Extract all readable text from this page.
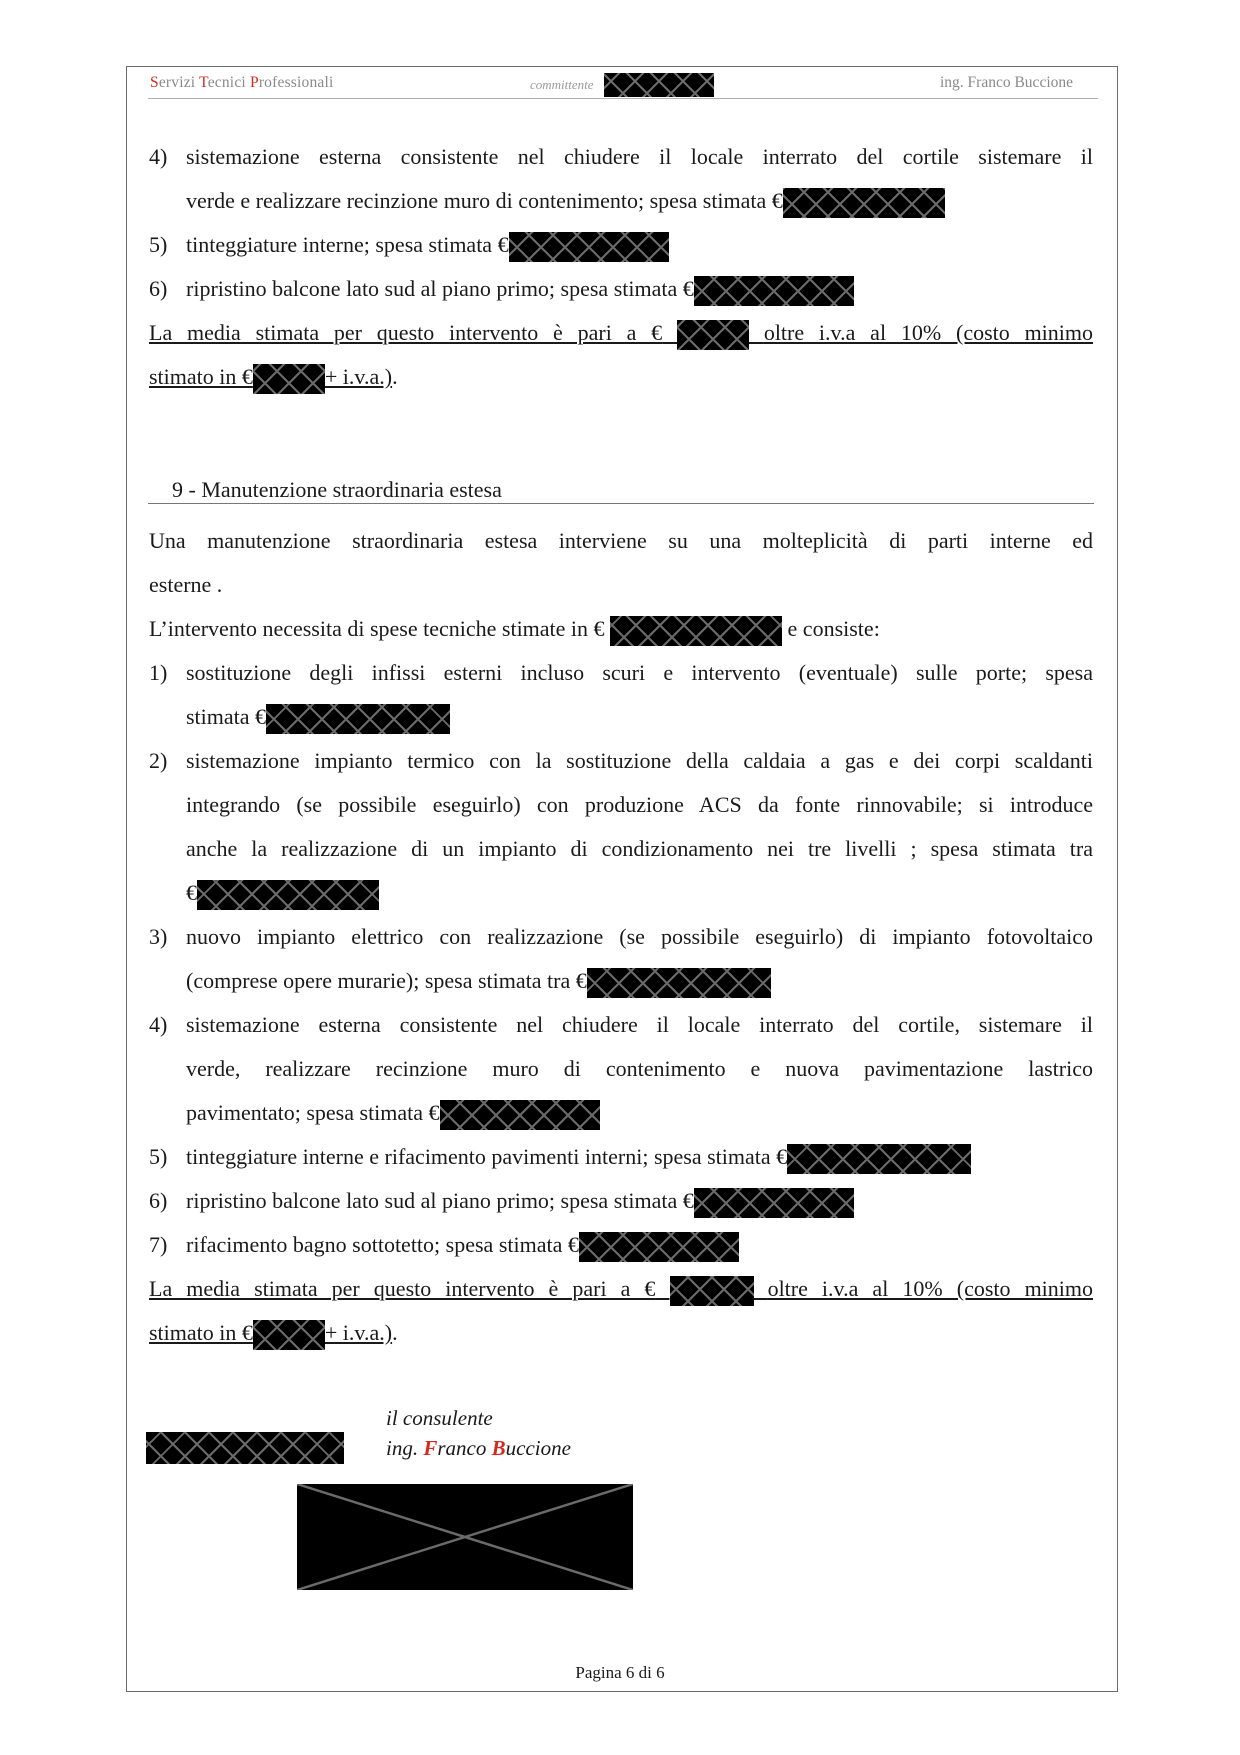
Servizi Tecnici Professionali	committente	ing. Franco Buccione
4) sistemazione esterna consistente nel chiudere il locale interrato del cortile sistemare il
verde e realizzare recinzione muro di contenimento; spesa stimata €
5) tinteggiature interne; spesa stimata €
6) ripristino balcone lato sud al piano primo; spesa stimata €
La media stimata per questo intervento è pari a €	oltre i.v.a al 10% (costo minimo
stimato in €	+ i.v.a.).
9 - Manutenzione straordinaria estesa
Una manutenzione straordinaria estesa interviene su una molteplicità di parti interne ed
esterne .
L’intervento necessita di spese tecniche stimate in €	e consiste:
1) sostituzione degli infissi esterni incluso scuri e intervento (eventuale) sulle porte; spesa
stimata €
2) sistemazione impianto termico con la sostituzione della caldaia a gas e dei corpi scaldanti
integrando (se possibile eseguirlo) con produzione ACS da fonte rinnovabile; si introduce
anche la realizzazione di un impianto di condizionamento nei tre livelli ; spesa stimata tra
€
3) nuovo impianto elettrico con realizzazione (se possibile eseguirlo) di impianto fotovoltaico
(comprese opere murarie); spesa stimata tra €
4) sistemazione esterna consistente nel chiudere il locale interrato del cortile, sistemare il
verde, realizzare recinzione muro di contenimento e nuova pavimentazione lastrico
pavimentato; spesa stimata €
5) tinteggiature interne e rifacimento pavimenti interni; spesa stimata €
6) ripristino balcone lato sud al piano primo; spesa stimata €
7) rifacimento bagno sottotetto; spesa stimata €
La media stimata per questo intervento è pari a €	oltre i.v.a al 10% (costo minimo
stimato in €	+ i.v.a.).
il consulente
ing. Franco Buccione
Pagina 6 di 6
